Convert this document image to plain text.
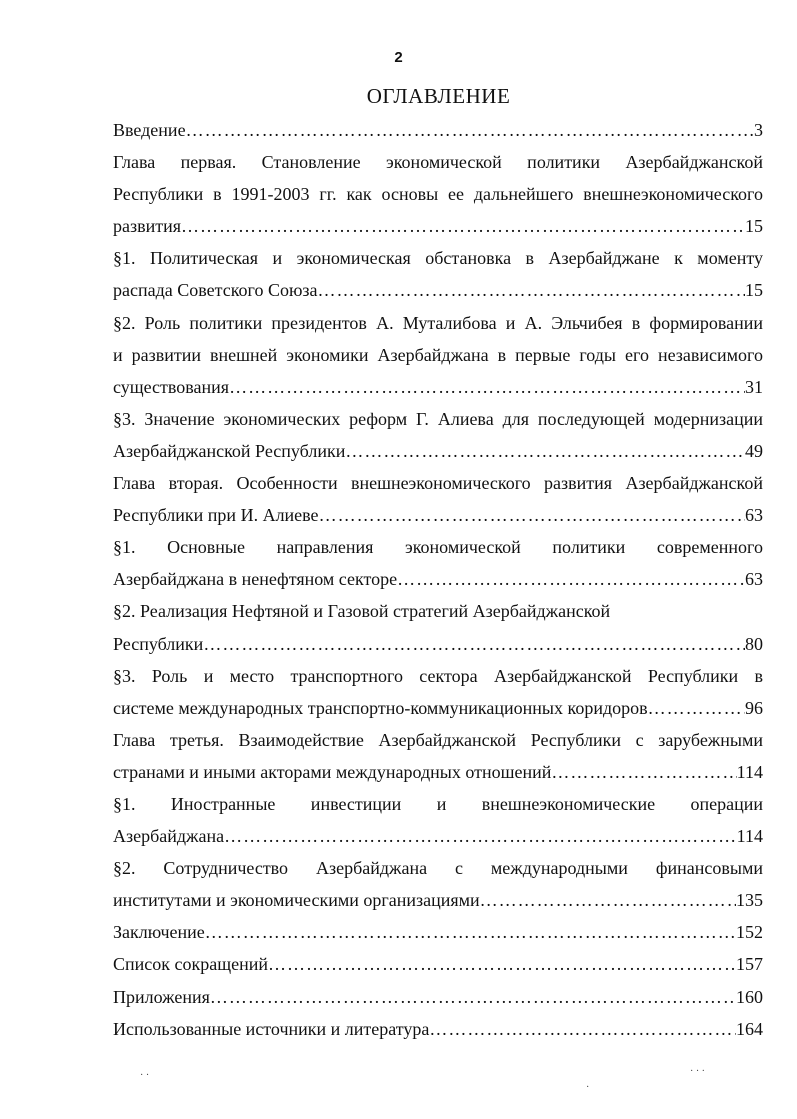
2
ОГЛАВЛЕНИЕ
Введение ……………………………………………………………………………………………………………………………………………………………………………	3
Глава первая. Становление экономической политики Азербайджанской
Республики в 1991-2003 гг. как основы ее дальнейшего внешнеэкономического
развития ……………………………………………………………………………………………………………………………………………………………………………	15
§1. Политическая и экономическая обстановка в Азербайджане к моменту
распада Советского Союза ……………………………………………………………………………………………………………………………………………………………………………	15
§2. Роль политики президентов А. Муталибова и А. Эльчибея в формировании
и развитии внешней экономики Азербайджана в первые годы его независимого
существования ……………………………………………………………………………………………………………………………………………………………………………	31
§3. Значение экономических реформ Г. Алиева для последующей модернизации
Азербайджанской Республики ……………………………………………………………………………………………………………………………………………………………………………	49
Глава вторая. Особенности внешнеэкономического развития Азербайджанской
Республики при И. Алиеве ……………………………………………………………………………………………………………………………………………………………………………	63
§1. Основные направления экономической политики современного
Азербайджана в ненефтяном секторе ……………………………………………………………………………………………………………………………………………………………………………	63
§2. Реализация Нефтяной и Газовой стратегий Азербайджанской
Республики ……………………………………………………………………………………………………………………………………………………………………………	80
§3. Роль и место транспортного сектора Азербайджанской Республики в
системе международных транспортно-коммуникационных коридоров ……………………………………………………………………………………………………………………………………………………………………………	96
Глава третья. Взаимодействие Азербайджанской Республики с зарубежными
странами и иными акторами международных отношений ……………………………………………………………………………………………………………………………………………………………………………	114
§1. Иностранные инвестиции и внешнеэкономические операции
Азербайджана ……………………………………………………………………………………………………………………………………………………………………………	114
§2. Сотрудничество Азербайджана с международными финансовыми
институтами и экономическими организациями ……………………………………………………………………………………………………………………………………………………………………………	135
Заключение ……………………………………………………………………………………………………………………………………………………………………………	152
Список сокращений ……………………………………………………………………………………………………………………………………………………………………………	157
Приложения ……………………………………………………………………………………………………………………………………………………………………………	160
Использованные источники и литература ……………………………………………………………………………………………………………………………………………………………………………	164
· ·	· · ·
·
